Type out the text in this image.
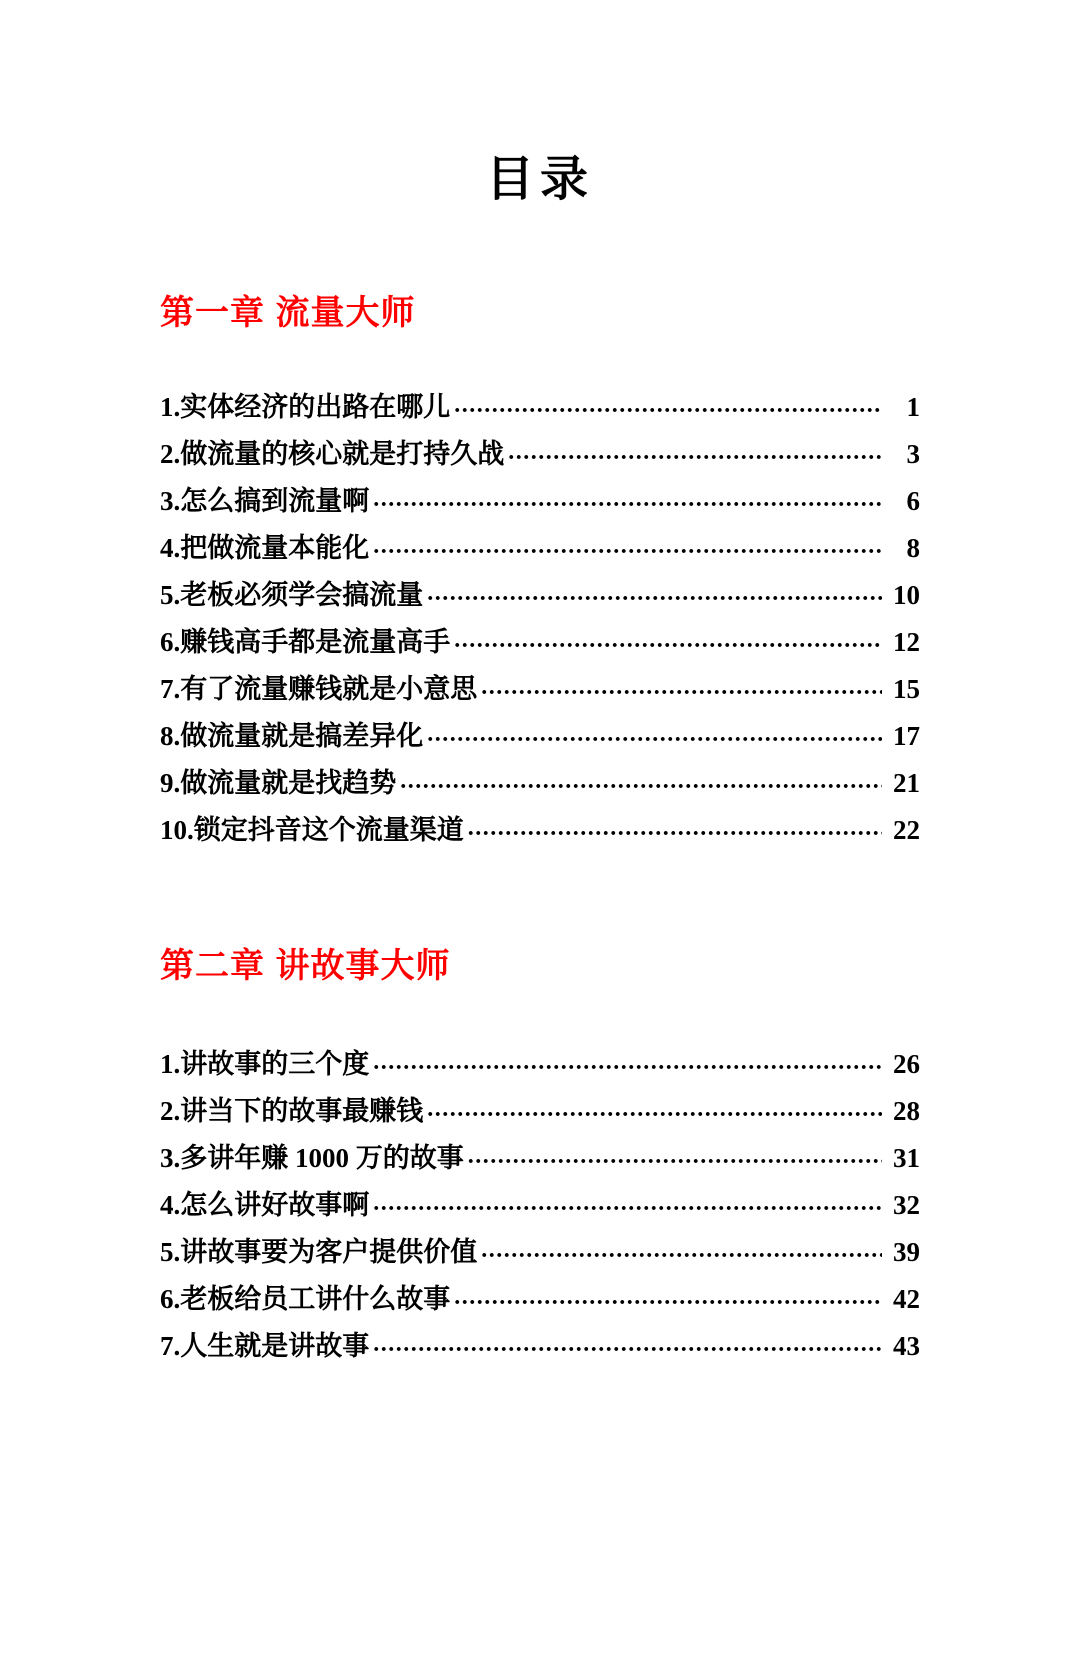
目录
第一章 流量大师
1.实体经济的出路在哪儿 .....	1
2.做流量的核心就是打持久战 .....	3
3.怎么搞到流量啊 .....	6
4.把做流量本能化 .....	8
5.老板必须学会搞流量 .....	10
6.赚钱高手都是流量高手 .....	12
7.有了流量赚钱就是小意思 .....	15
8.做流量就是搞差异化 .....	17
9.做流量就是找趋势 .....	21
10.锁定抖音这个流量渠道 .....	22
第二章 讲故事大师
1.讲故事的三个度 .....	26
2.讲当下的故事最赚钱 .....	28
3.多讲年赚 1000 万的故事 .....	31
4.怎么讲好故事啊 .....	32
5.讲故事要为客户提供价值 .....	39
6.老板给员工讲什么故事 .....	42
7.人生就是讲故事 .....	43
